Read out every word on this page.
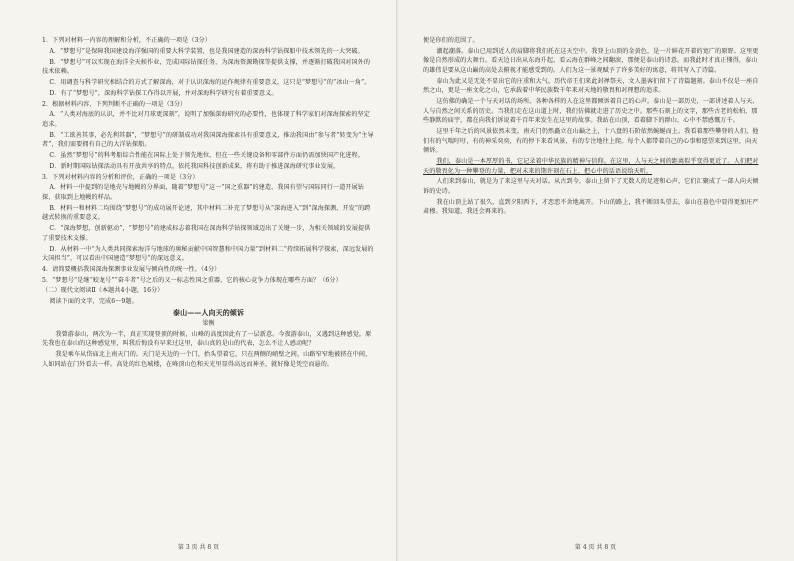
1．下列对材料一内容的理解和分析，不正确的一项是（3分）

A．“梦想号”是保障我国建设海洋强国的重要大科学装置，也是我国建造的深海科学钻探船中技术领先的一大突破。

B．“梦想号”可以实现在海洋全天候作业，完成国际钻探任务，为深海资源勘探等提供支撑，并逐渐打破我国对国外的技术依赖。

C．用调查与科学研究相结合的方式了解深海，对于认识深海的运作规律有重要意义，这只是“梦想号”的“冰山一角”。

D．有了“梦想号”，深海科学钻探工作得以开展，并对深海科学研究有着重要意义。

2．根据材料内容，下列判断不正确的一项是（3分）

A．“人类对海底的认识，并不比对月球更深刻”，说明了加强深海研究的必要性，也体现了科学家们对深海探索的坚定追求。

B．“工欲善其事，必先利其器”，“梦想号”的研制成功对我国深海探索具有重要意义，推动我国由“参与者”转变为“主导者”，我们需要拥有自己的大洋钻探船。

C．虽然“梦想号”的科考船综合性能在国际上处于领先地位，但在一些关键设备和零部件方面仍需加快国产化进程。

D．新时期国际钻探活动具有开放共享的特点，依托我国科技创新成果，将有助于推进深海研究事业发展。

3．下列对材料内容的分析和评价，正确的一项是（3分）

A．材料一中提到的是地壳与地幔的分界面，随着“梦想号”这一“国之重器”的建造，我国有望与国际同行一道开展钻探，获取到上地幔的样品。

B．材料一和材料二均围绕“梦想号”的成功展开论述，其中材料二补充了梦想号从“深海进入”到“深海探测、开发”的跨越式转换的重要意义。

C．“深海梦想，创新驱动”，“梦想号”的建成标志着我国在深海科学钻探领域迈出了关键一步，为相关领域的发展提供了重要技术支撑。

D．从材料一中“为人类共同探索海洋与地球的奥秘贡献中国智慧和中国力量”到材料二“持续拓展科学探索，深远发展的大国担当”，可以看出中国建造“梦想号”的深远意义。

4．请简要概括我国深海探测事业发展与倾向性的统一性。（4分）

5．“梦想号”是继“蛟龙号”“奋斗者”号之后的又一标志性国之重器，它的核心竞争力体现在哪些方面？（6分）

（二）现代文阅读Ⅱ（本题共4小题，16分）

阅读下面的文字，完成6～9题。

泰山——人向天的倾诉

梁衡

我曾游泰山，两次为一半，真正实现登顶的时候，山峰的高度因此有了一层新意。今夜游泰山，又遇到这种感觉。原先我也在泰山的这种感觉里，叫我后悔没有早来过这里，泰山真的是山的代表，怎么不让人感动呢？

我是乘车从岱庙北上南天门的。天门是天边的一个门，抬头望着它，只在两侧的峭壁之间，山路窄窄地被挤在中间，人如同站在门外看去一样。高处的红色城楼，在峰顶山色和天光里显得高远而神圣，就好像是凭空而悬的。

第 3 页 共 8 页

便是你们的范围了。

潮起潮落。泰山已用到近人的肩脚将我们托在这天空中。我登上山顶的金黄色，是一片鲜花开着的宽广的原野。这里更像是自然形成的大舞台。看天边日出从东海升起，看云海在群峰之间翻滚，那便是泰山的诗意。而我此时才真正懂得，泰山的雄伟是要从这山巅的高处去俯视才能感受到的。人们为这一景观赋予了许多美好的寓意，将其写入了诗篇。

泰山为此又是无处不显出它的庄重和大气。历代帝王们来此封禅祭天，文人墨客们留下了诗篇题刻。泰山不仅是一座自然之山，更是一座文化之山，它承载着中华民族数千年来对天地的敬畏和对理想的追求。

这仿佛的确是一个与天对话的场所。各种各样的人在这里都倾诉着自己的心声。泰山是一部历史，一部讲述着人与天、人与自然之间关系的历史。当我们走在这山道上时，我们仿佛就走进了历史之中。那些石刻上的文字，那些古老的松柏，那些静默的庙宇，都在向我们诉说着千百年来发生在这里的故事。我站在山顶，看着脚下的群山，心中不禁感慨万千。

这里千年之后的风景依然未变。南天门仍然矗立在山巅之上，十八盘的石阶依然蜿蜒而上。我看着那些攀登的人们，他们有的气喘吁吁，有的神采奕奕，有的停下来看风景，有的专注地往上爬。每个人都带着自己的心事和愿望来到这里，向天倾诉。

我们，泰山是一本厚厚的书，它记录着中华民族的精神与信仰。在这里，人与天之间的距离似乎变得更近了。人们把对天的敬畏化为一种攀登的力量，把对未来的期许刻在石上，把心中的话语说给天听。

人们来到泰山，就是为了来这里与天对话。从古到今，泰山上留下了无数人的足迹和心声，它们汇聚成了一部人向天倾诉的史诗。

我在山顶上站了很久，直到夕阳西下，才恋恋不舍地离开。下山的路上，我不断回头望去，泰山在暮色中显得更加庄严肃穆。我知道，我还会再来的。

第 4 页 共 8 页
